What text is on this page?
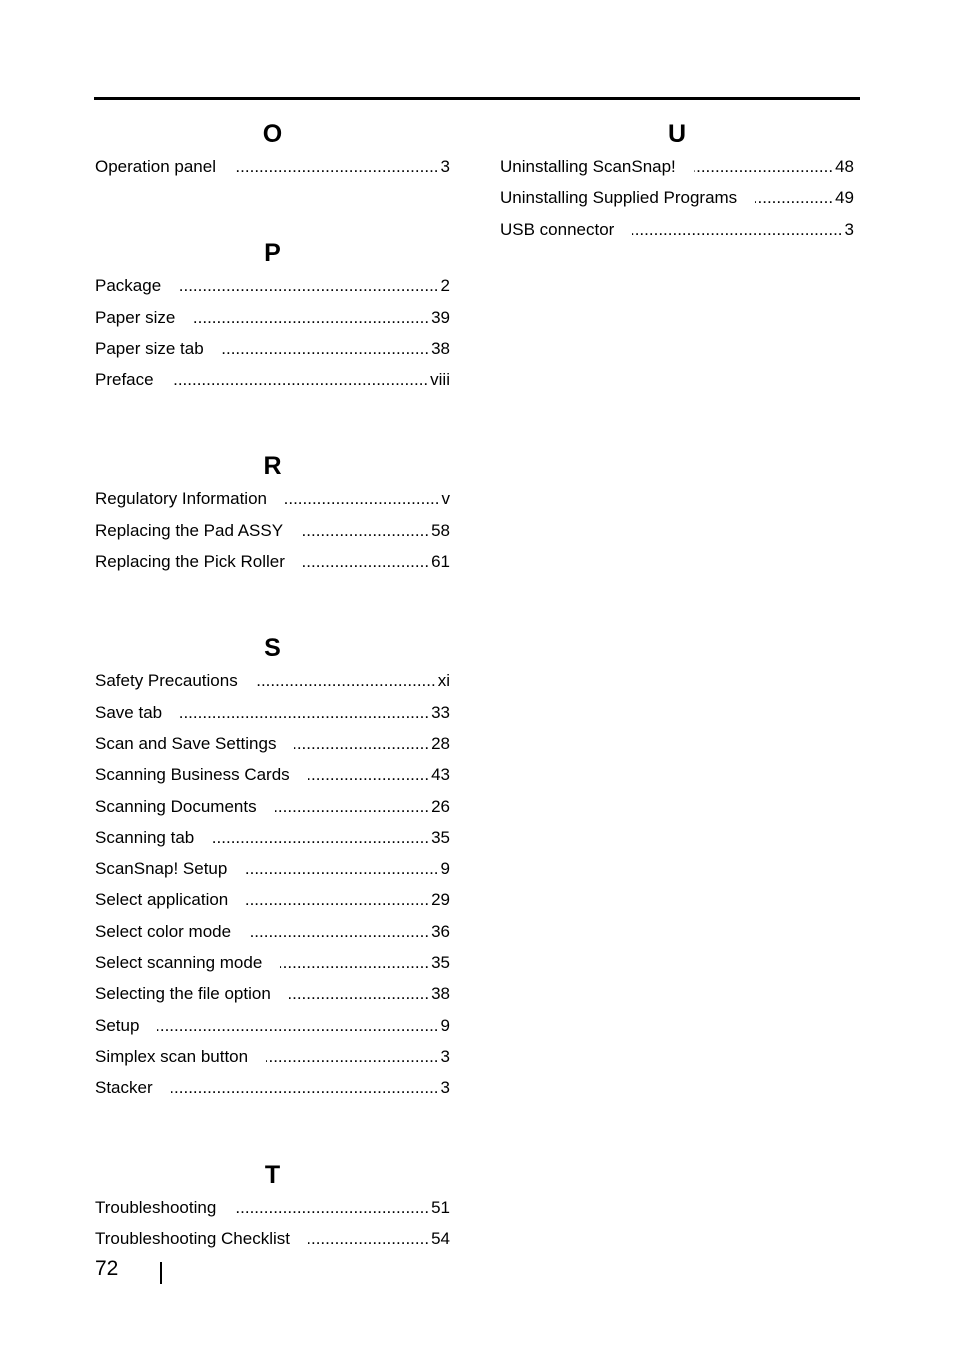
O
Operation panel .....	3
P
Package .....	2
Paper size .....	39
Paper size tab .....	38
Preface .....	viii
R
Regulatory Information .....	v
Replacing the Pad ASSY .....	58
Replacing the Pick Roller .....	61
S
Safety Precautions .....	xi
Save tab .....	33
Scan and Save Settings .....	28
Scanning Business Cards .....	43
Scanning Documents .....	26
Scanning tab .....	35
ScanSnap! Setup .....	9
Select application .....	29
Select color mode .....	36
Select scanning mode .....	35
Selecting the file option .....	38
Setup .....	9
Simplex scan button .....	3
Stacker .....	3
T
Troubleshooting .....	51
Troubleshooting Checklist .....	54
U
Uninstalling ScanSnap! .....	48
Uninstalling Supplied Programs .....	49
USB connector .....	3
72
